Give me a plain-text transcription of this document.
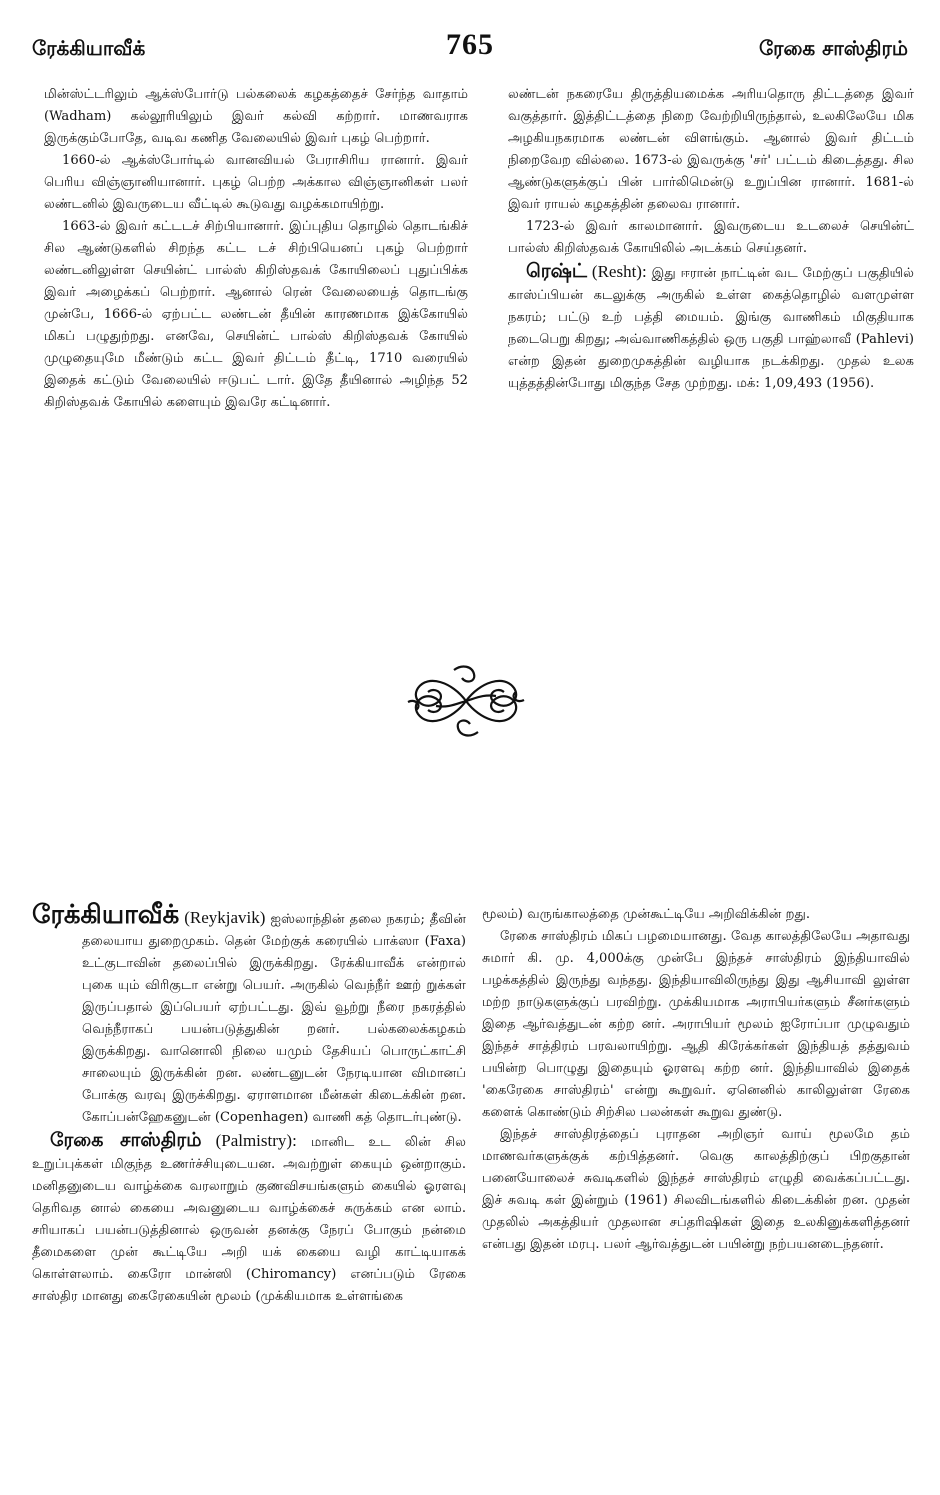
ரேக்கியாவீக்	765	ரேகை சாஸ்திரம்

மின்ஸ்ட்டரிலும் ஆக்ஸ்போர்டு பல்கலைக் கழகத்தைச் சேர்ந்த வாதாம் (Wadham) கல்லூரியிலும் இவர் கல்வி கற்றார். மாணவராக இருக்கும்போதே, வடிவ கணித வேலையில் இவர் புகழ் பெற்றார்.

1660-ல் ஆக்ஸ்போர்டில் வானவியல் பேராசிரிய ரானார். இவர் பெரிய விஞ்ஞானியானார். புகழ் பெற்ற அக்கால விஞ்ஞானிகள் பலர் லண்டனில் இவருடைய வீட்டில் கூடுவது வழக்கமாயிற்று.

1663-ல் இவர் கட்டடச் சிற்பியானார். இப்புதிய தொழில் தொடங்கிச் சில ஆண்டுகளில் சிறந்த கட்ட டச் சிற்பியெனப் புகழ் பெற்றார் லண்டனிலுள்ள செயின்ட் பால்ஸ் கிறிஸ்தவக் கோயிலைப் புதுப்பிக்க இவர் அழைக்கப் பெற்றார். ஆனால் ரென் வேலையைத் தொடங்கு முன்பே, 1666-ல் ஏற்பட்ட லண்டன் தீயின் காரணமாக இக்கோயில் மிகப் பழுதுற்றது. எனவே, செயின்ட் பால்ஸ் கிறிஸ்தவக் கோயில் முழுதையுமே மீண்டும் கட்ட இவர் திட்டம் தீட்டி, 1710 வரையில் இதைக் கட்டும் வேலையில் ஈடுபட் டார். இதே தீயினால் அழிந்த 52 கிறிஸ்தவக் கோயில் களையும் இவரே கட்டினார்.

லண்டன் நகரையே திருத்தியமைக்க அரியதொரு திட்டத்தை இவர் வகுத்தார். இத்திட்டத்தை நிறை வேற்றியிருந்தால், உலகிலேயே மிக அழகியநகரமாக லண்டன் விளங்கும். ஆனால் இவர் திட்டம் நிறைவேற வில்லை. 1673-ல் இவருக்கு 'சர்' பட்டம் கிடைத்தது. சில ஆண்டுகளுக்குப் பின் பார்லிமென்டு உறுப்பின ரானார். 1681-ல் இவர் ராயல் கழகத்தின் தலைவ ரானார்.

1723-ல் இவர் காலமானார். இவருடைய உடலைச் செயின்ட் பால்ஸ் கிறிஸ்தவக் கோயிலில் அடக்கம் செய்தனர்.

ரெஷ்ட் (Resht): இது ஈரான் நாட்டின் வட மேற்குப் பகுதியில் காஸ்ப்பியன் கடலுக்கு அருகில் உள்ள கைத்தொழில் வளமுள்ள நகரம்; பட்டு உற் பத்தி மையம். இங்கு வாணிகம் மிகுதியாக நடைபெறு கிறது; அவ்வாணிகத்தில் ஒரு பகுதி பாஹ்லாவீ (Pahlevi) என்ற இதன் துறைமுகத்தின் வழியாக நடக்கிறது. முதல் உலக யுத்தத்தின்போது மிகுந்த சேத முற்றது. மக்: 1,09,493 (1956).

ரேக்கியாவீக் (Reykjavik) ஐஸ்லாந்தின் தலை நகரம்; தீவின் தலையாய துறைமுகம். தென் மேற்குக் கரையில் பாக்ஸா (Faxa) உட்குடாவின் தலைப்பில் இருக்கிறது. ரேக்கியாவீக் என்றால் புகை யும் விரிகுடா என்று பெயர். அருகில் வெந்நீர் ஊற் றுக்கள் இருப்பதால் இப்பெயர் ஏற்பட்டது. இவ் வூற்று நீரை நகரத்தில் வெந்நீராகப் பயன்படுத்துகின் றனர். பல்கலைக்கழகம் இருக்கிறது. வானொலி நிலை யமும் தேசியப் பொருட்காட்சி சாலையும் இருக்கின் றன. லண்டனுடன் நேரடியான விமானப் போக்கு வரவு இருக்கிறது. ஏராளமான மீன்கள் கிடைக்கின் றன. கோப்பன்ஹேகனுடன் (Copenhagen) வாணி கத் தொடர்புண்டு.

ரேகை சாஸ்திரம் (Palmistry): மானிட உட லின் சில உறுப்புக்கள் மிகுந்த உணர்ச்சியுடையன. அவற்றுள் கையும் ஒன்றாகும். மனிதனுடைய வாழ்க்கை வரலாறும் குணவிசயங்களும் கையில் ஓரளவு தெரிவத னால் கையை அவனுடைய வாழ்க்கைச் சுருக்கம் என லாம். சரியாகப் பயன்படுத்தினால் ஒருவன் தனக்கு நேரப் போகும் நன்மை தீமைகளை முன் கூட்டியே அறி யக் கையை வழி காட்டியாகக் கொள்ளலாம். கைரோ மான்ஸி (Chiromancy) எனப்படும் ரேகை சாஸ்திர மானது கைரேகையின் மூலம் (முக்கியமாக உள்ளங்கை

மூலம்) வருங்காலத்தை முன்கூட்டியே அறிவிக்கின் றது.

ரேகை சாஸ்திரம் மிகப் பழமையானது. வேத காலத்திலேயே அதாவது சுமார் கி. மு. 4,000க்கு முன்பே இந்தச் சாஸ்திரம் இந்தியாவில் பழக்கத்தில் இருந்து வந்தது. இந்தியாவிலிருந்து இது ஆசியாவி லுள்ள மற்ற நாடுகளுக்குப் பரவிற்று. முக்கியமாக அராபியர்களும் சீனர்களும் இதை ஆர்வத்துடன் கற்ற னர். அராபியர் மூலம் ஐரோப்பா முழுவதும் இந்தச் சாத்திரம் பரவலாயிற்று. ஆதி கிரேக்கர்கள் இந்தியத் தத்துவம் பயின்ற பொழுது இதையும் ஓரளவு கற்ற னர். இந்தியாவில் இதைக் 'கைரேகை சாஸ்திரம்' என்று கூறுவர். ஏனெனில் காலிலுள்ள ரேகை களைக் கொண்டும் சிற்சில பலன்கள் கூறுவ துண்டு.

இந்தச் சாஸ்திரத்தைப் புராதன அறிஞர் வாய் மூலமே தம் மாணவர்களுக்குக் கற்பித்தனர். வெகு காலத்திற்குப் பிறகுதான் பனையோலைச் சுவடிகளில் இந்தச் சாஸ்திரம் எழுதி வைக்கப்பட்டது. இச் சுவடி கள் இன்றும் (1961) சிலவிடங்களில் கிடைக்கின் றன. முதன் முதலில் அகத்தியர் முதலான சப்தரிஷிகள் இதை உலகினுக்களித்தனர் என்பது இதன் மரபு. பலர் ஆர்வத்துடன் பயின்று நற்பயனடைந்தனர்.
